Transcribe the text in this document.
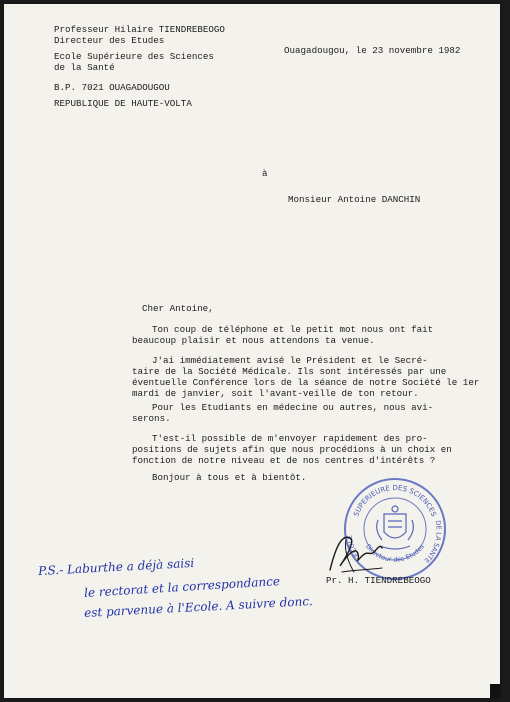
Professeur Hilaire TIENDREBEOGO

Directeur des Etudes

Ecole Supérieure des Sciences

de la Santé

B.P. 7021 OUAGADOUGOU

REPUBLIQUE DE HAUTE-VOLTA

Ouagadougou, le 23 novembre 1982

à

Monsieur Antoine DANCHIN

Cher Antoine,

Ton coup de téléphone et le petit mot nous ont fait
beaucoup plaisir et nous attendons ta venue.

J'ai immédiatement avisé le Président et le Secré-
taire de la Société Médicale. Ils sont intéressés par une
éventuelle Conférence lors de la séance de notre Société le 1er
mardi de janvier, soit l'avant-veille de ton retour.

Pour les Etudiants en médecine ou autres, nous avi-
serons.

T'est-il possible de m'envoyer rapidement des pro-
positions de sujets afin que nous procédions à un choix en
fonction de notre niveau et de nos centres d'intérêts ?

Bonjour à tous et à bientôt.

SUPERIEURE DES SCIENCES
ECOLE
DE LA SANTE
Directeur des Etudes

Pr. H. TIENDREBEOGO

P.S.- Laburthe a déjà saisi

le rectorat et la correspondance

est parvenue à l'Ecole. A suivre donc.
